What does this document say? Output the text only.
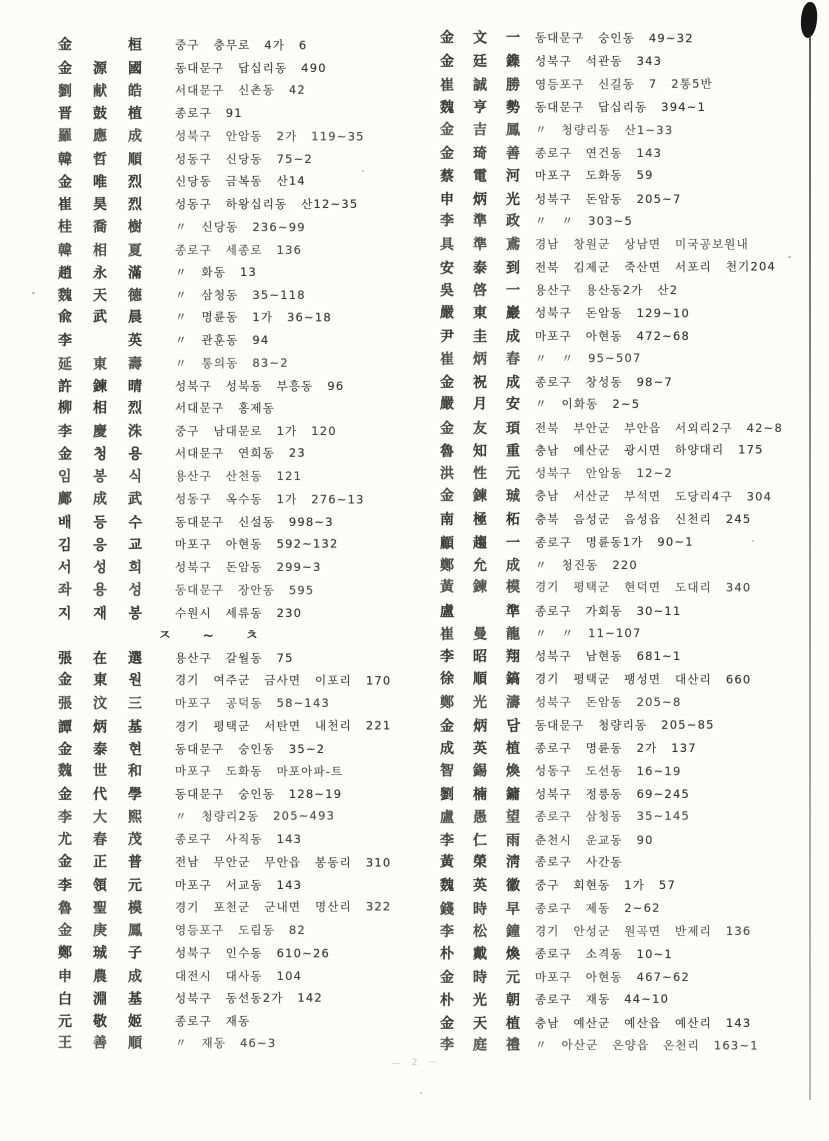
金	桓	중구 충무로 4가 6
金 源 國	동대문구 답십리동 490
劉 献 皓	서대문구 신촌동 42
晋 鼓 植	종로구 91
羅 應 成	성북구 안암동 2가 119~35
韓 哲 順	성동구 신당동 75~2
金 唯 烈	신당동 금복동 산14
崔 昊 烈	성동구 하왕십리동 산12~35
桂 喬 樹	〃 신당동 236~99
韓 相 夏	종로구 세종로 136
趙 永 滿	〃 화동 13
魏 天 德	〃 삼청동 35~118
兪 武 晨	〃 명륜동 1가 36~18
李	英	〃 관훈동 94
延 東 壽	〃 통의동 83~2
許 鍊 晴	성북구 성북동 부흥동 96
柳 相 烈	서대문구 홍제동
李 慶 洙	중구 남대문로 1가 120
金 청 용	서대문구 연희동 23
임 봉 식	용산구 산천동 121
鄺 成 武	성동구 옥수동 1가 276~13
배 등 수	동대문구 신설동 998~3
김 응 교	마포구 아현동 592~132
서 성 희	성북구 돈암동 299~3
좌 용 성	동대문구 장안동 595
지 재 봉	수원시 세류동 230
ㅈ ~ ㅊ
張 在 選	용산구 갈월동 75
金 東 원	경기 여주군 금사면 이포리 170
張 汶 三	마포구 공덕동 58~143
譚 炳 基	경기 평택군 서탄면 내천리 221
金 泰 현	동대문구 숭인동 35~2
魏 世 和	마포구 도화동 마포아파-트
金 代 學	동대문구 숭인동 128~19
李 大 熙	〃 청량리2동 205~493
尤 春 茂	종로구 사직동 143
金 正 普	전남 무안군 무안읍 봉동리 310
李 領 元	마포구 서교동 143
魯 聖 模	경기 포천군 군내면 명산리 322
金 庚 鳳	영등포구 도림동 82
鄭 珹 子	성북구 인수동 610~26
申 農 成	대전시 대사동 104
白 淵 基	성북구 동선동2가 142
元 敬 姬	종로구 재동
王 善 順	〃 재동 46~3
金 文 一 동대문구 숭인동 49~32
金 廷 鏶 성북구 석관동 343
崔 誠 勝 영등포구 신길동 7 2통5반
魏 亨 勢 동대문구 답십리동 394~1
金 吉 鳳 〃 청량리동 산1~33
金 琦 善 종로구 연건동 143
蔡 電 河 마포구 도화동 59
申 炳 光 성북구 돈암동 205~7
李 準 政 〃 〃 303~5
具 準 鳶 경남 창원군 상남면 미국공보원내
安 泰 到 전북 김제군 죽산면 서포리 천기204
吳 啓 一 용산구 용산동2가 산2
嚴 東 巖 성북구 돈암동 129~10
尹 圭 成 마포구 아현동 472~68
崔 炳 春 〃 〃 95~507
金 祝 成 종로구 창성동 98~7
嚴 月 安 〃 이화동 2~5
金 友 頊 전북 부안군 부안읍 서외리2구 42~8
魯 知 重 충남 예산군 광시면 하양대리 175
洪 性 元 성북구 안암동 12~2
金 鍊 珹 충남 서산군 부석면 도당리4구 304
南 極 柘 충북 음성군 음성읍 신천리 245
顧 趨 一 종로구 명륜동1가 90~1
鄭 允 成 〃 청진동 220
黃 鍊 模 경기 평택군 현덕면 도대리 340
盧	準 종로구 가회동 30~11
崔 曼 龍 〃 〃 11~107
李 昭 翔 성북구 남현동 681~1
徐 順 鎬 경기 평택군 팽성면 대산리 660
鄭 光 濤 성북구 돈암동 205~8
金 炳 담 동대문구 청량리동 205~85
成 英 植 종로구 명륜동 2가 137
智 錫 煥 성동구 도선동 16~19
劉 楠 鏞 성북구 정릉동 69~245
盧 愚 望 종로구 삼청동 35~145
李 仁 雨 춘천시 운교동 90
黃 榮 淸 종로구 사간동
魏 英 徽 중구 회현동 1가 57
錢 時 早 종로구 제동 2~62
李 松 鐘 경기 안성군 원곡면 반제리 136
朴 戴 煥 종로구 소격동 10~1
金 時 元 마포구 아현동 467~62
朴 光 朝 종로구 재동 44~10
金 天 植 충남 예산군 예산읍 예산리 143
李 庭 禮 〃 아산군 온양읍 온천리 163~1
— 2 —
